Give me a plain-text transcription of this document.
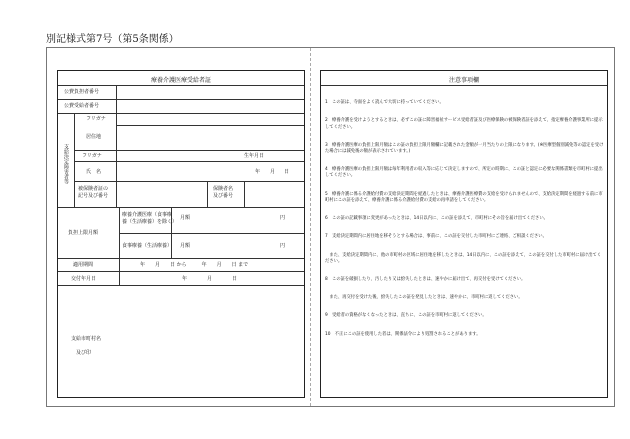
別記様式第7号（第5条関係）
療養介護医療受給者証
公費負担者番号
公費受給者番号
支給決定障害者等
フリガナ
居住地
フリガナ	生年月日
氏　名	年 月 日
被保険者証の
記号及び番号
保険者名
及び番号
負担上限月額
療養介護医療（食事療
養（生活療養）を除く）
月額	円
食事療養（生活療養） 月額	円
適用期間	年　　月　　日 から　　　年　　月　　日 まで
交付年月日	年　　　　月　　　　日
支給市町村名
及び印
注意事項欄

1　この証は、寺面をよく読んで大切に持っていてください。

2　療養介護を受けようとするときは、必ずこの証に障害福祉サービス受給者証及び医療保険の被保険者証を添えて、指定療養介護事業所に提示してください。

3　療養介護医療の負担上限月額はこの証の負担上限月額欄に記載された金額が一月当たりの上限になります。(※医療型個別減免等の認定を受けた場合には減免後の額が表示されています。)

4　療養介護医療の負担上限月額は毎年利用者の収入等に応じて決定しますので、所定の時期に、この証と認定に必要な関係書類を市町村に提出してください。

5　療養介護に係る介護給付費の支給決定期間を経過したときは、療養介護医療費の支給を受けられませんので、支給決定期間を経過する前に市町村にこの証を添えて、療養介護に係る介護給付費の支給の再申請をしてください。

6　この証の記載事項に変更があったときは、14日以内に、この証を添えて、市町村にその旨を届け出てください。

7　支給決定期間内に居住地を移そうとする場合は、事前に、この証を交付した市町村にご連絡、ご相談ください。

　また、支給決定期間内に、他の市町村の区域に居住地を移したときは、14日以内に、この証を添えて、この証を交付した市町村に届け出てください。

8　この証を破損したり、汚したり又は紛失したときは、速やかに届け出て、再交付を受けてください。

　また、再交付を受けた後、紛失したこの証を発見したときは、速やかに、市町村に返してください。

9　受給者の資格がなくなったときは、直ちに、この証を市町村に返してください。

10　不正にこの証を使用した者は、関係法令により処罰されることがあります。
